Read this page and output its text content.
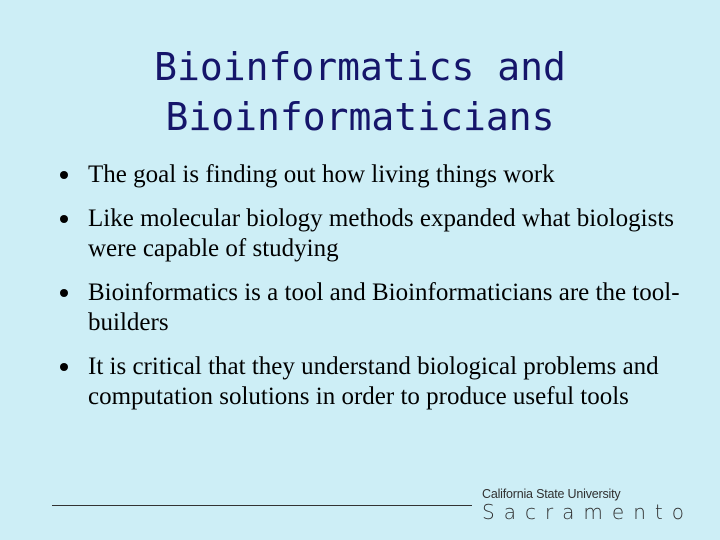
Bioinformatics and
Bioinformaticians
The goal is finding out how living things work
Like molecular biology methods expanded what biologists were capable of studying
Bioinformatics is a tool and Bioinformaticians are the tool-builders
It is critical that they understand biological problems and computation solutions in order to produce useful tools
California State University
Sacramento
